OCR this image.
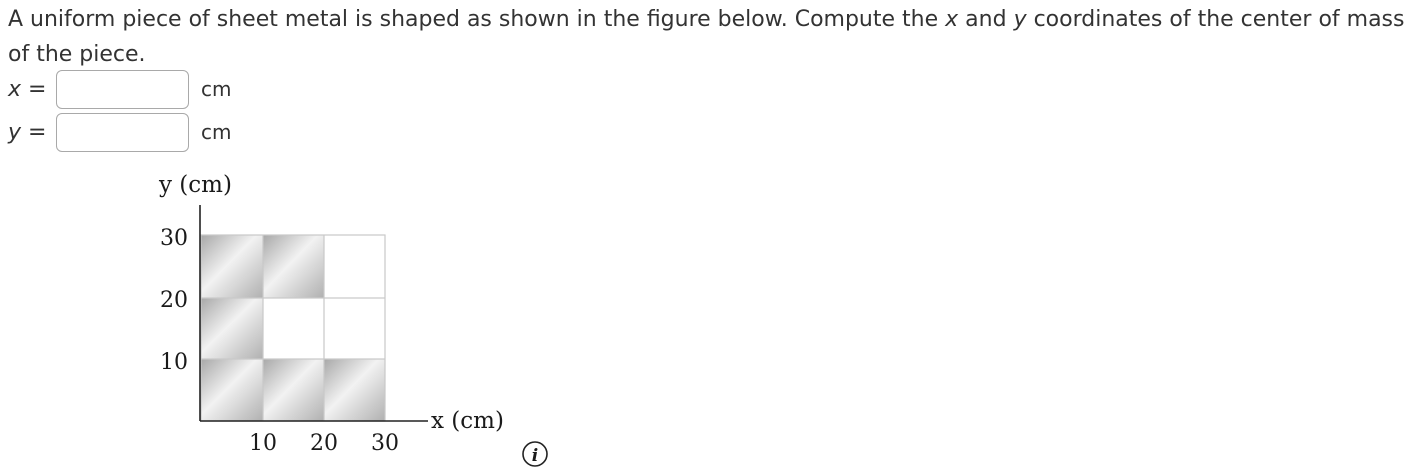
A uniform piece of sheet metal is shaped as shown in the figure below. Compute the x and y coordinates of the center of mass of the piece.

x =	cm
y =	cm
y (cm)
x (cm)
30
20
10
10 20 30	i
